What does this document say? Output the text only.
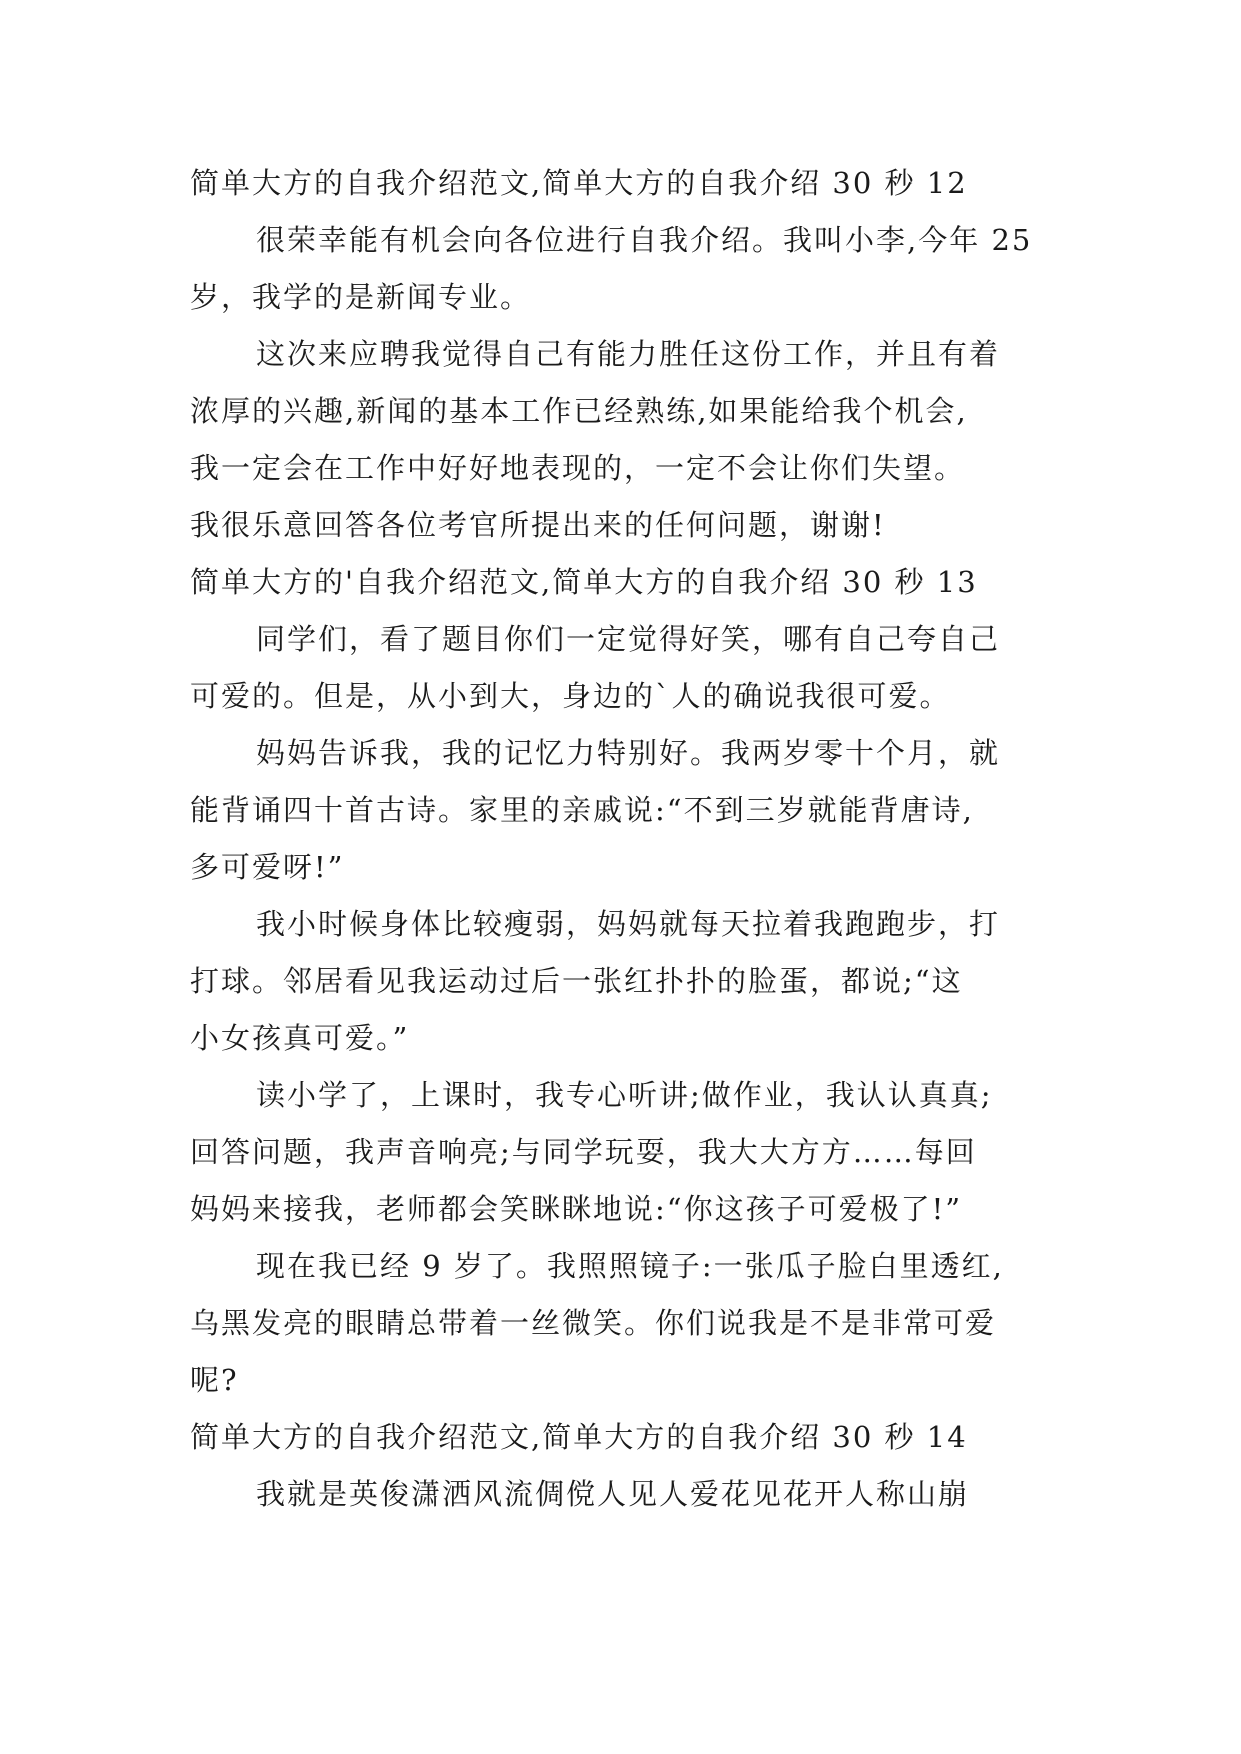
简单大方的自我介绍范文,简单大方的自我介绍 30 秒 12
很荣幸能有机会向各位进行自我介绍。我叫小李,今年 25
岁，我学的是新闻专业。
这次来应聘我觉得自己有能力胜任这份工作，并且有着
浓厚的兴趣,新闻的基本工作已经熟练,如果能给我个机会,
我一定会在工作中好好地表现的，一定不会让你们失望。
我很乐意回答各位考官所提出来的任何问题，谢谢!
简单大方的'自我介绍范文,简单大方的自我介绍 30 秒 13
同学们，看了题目你们一定觉得好笑，哪有自己夸自己
可爱的。但是，从小到大，身边的`人的确说我很可爱。
妈妈告诉我，我的记忆力特别好。我两岁零十个月，就
能背诵四十首古诗。家里的亲戚说:“不到三岁就能背唐诗,
多可爱呀!”
我小时候身体比较瘦弱，妈妈就每天拉着我跑跑步，打
打球。邻居看见我运动过后一张红扑扑的脸蛋，都说;“这
小女孩真可爱。”
读小学了，上课时，我专心听讲;做作业，我认认真真;
回答问题，我声音响亮;与同学玩耍，我大大方方……每回
妈妈来接我，老师都会笑眯眯地说:“你这孩子可爱极了!”
现在我已经 9 岁了。我照照镜子:一张瓜子脸白里透红,
乌黑发亮的眼睛总带着一丝微笑。你们说我是不是非常可爱
呢?
简单大方的自我介绍范文,简单大方的自我介绍 30 秒 14
我就是英俊潇洒风流倜傥人见人爱花见花开人称山崩
